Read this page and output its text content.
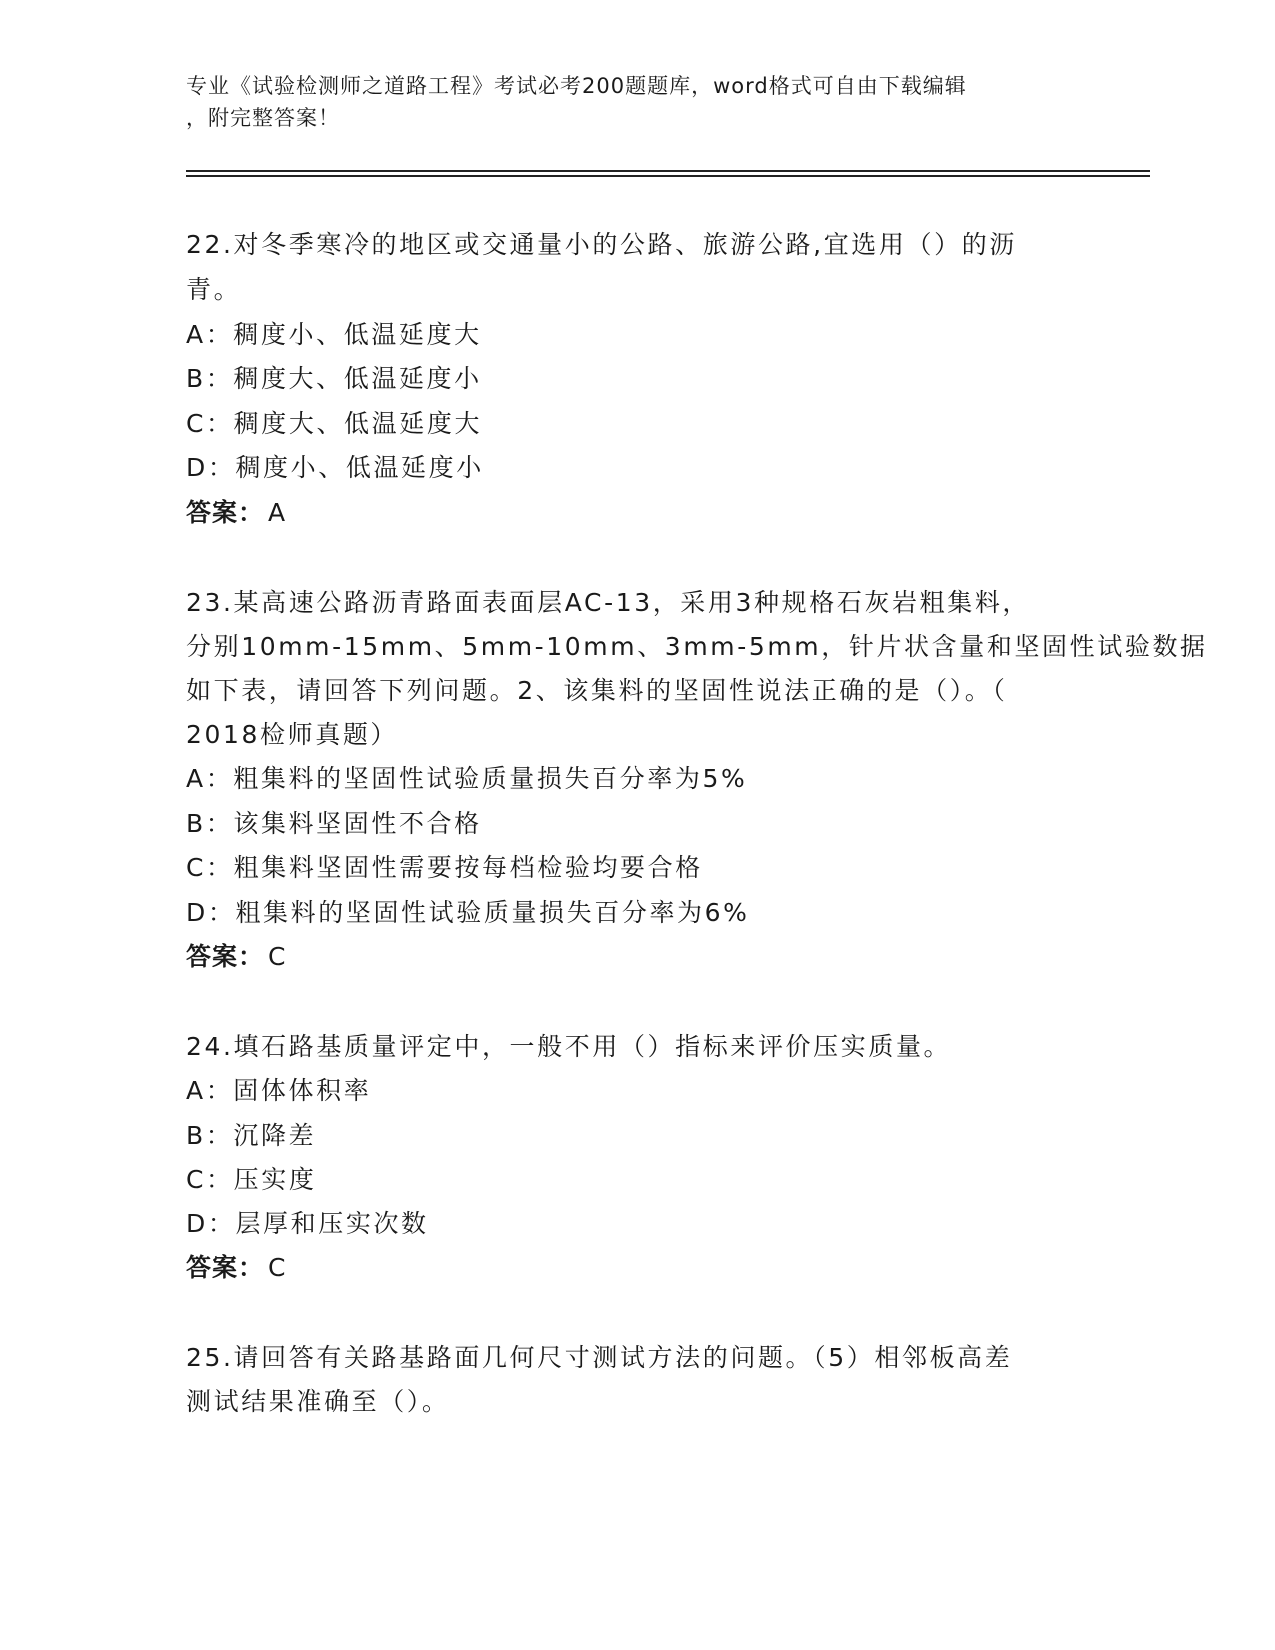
专业《试验检测师之道路工程》考试必考200题题库，word格式可自由下载编辑
，附完整答案！
22.对冬季寒冷的地区或交通量小的公路、旅游公路,宜选用（）的沥
青。
A：稠度小、低温延度大
B：稠度大、低温延度小
C：稠度大、低温延度大
D：稠度小、低温延度小
答案： A
23.某高速公路沥青路面表面层AC-13，采用3种规格石灰岩粗集料，
分别10mm-15mm、5mm-10mm、3mm-5mm，针片状含量和坚固性试验数据
如下表，请回答下列问题。2、该集料的坚固性说法正确的是（）。（
2018检师真题）
A：粗集料的坚固性试验质量损失百分率为5%
B：该集料坚固性不合格
C：粗集料坚固性需要按每档检验均要合格
D：粗集料的坚固性试验质量损失百分率为6%
答案： C
24.填石路基质量评定中，一般不用（）指标来评价压实质量。
A：固体体积率
B：沉降差
C：压实度
D：层厚和压实次数
答案： C
25.请回答有关路基路面几何尺寸测试方法的问题。（5）相邻板高差
测试结果准确至（）。
